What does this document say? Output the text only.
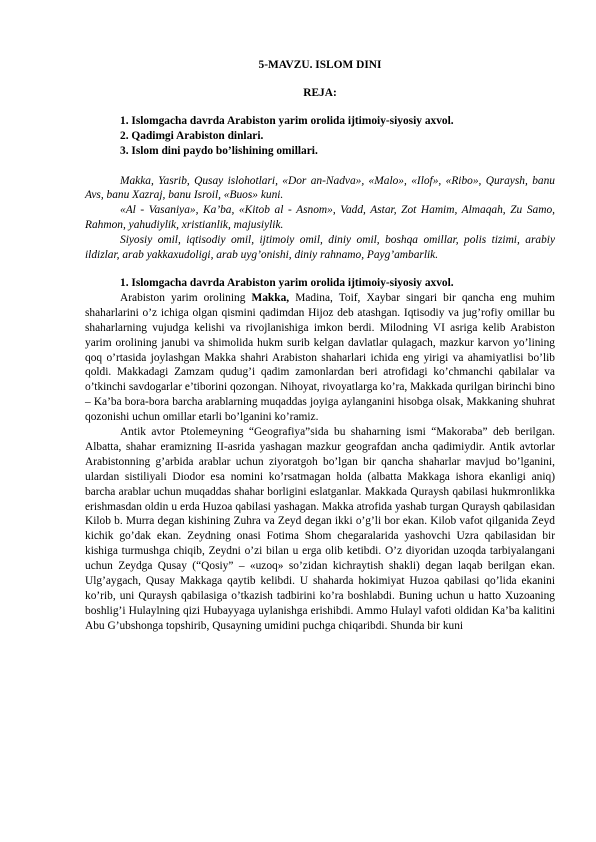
5-MAVZU. ISLOM DINI
REJA:
1. Islomgacha davrda Arabiston yarim orolida ijtimoiy-siyosiy axvol.
2. Qadimgi Arabiston dinlari.
3. Islom dini paydo bo’lishining omillari.

Makka, Yasrib, Qusay islohotlari, «Dor an-Nadva», «Malo», «Ilof», «Ribo», Quraysh, banu Avs, banu Xazraj, banu Isroil, «Buos» kuni.

«Al - Vasaniya», Ka’ba, «Kitob al - Asnom», Vadd, Astar, Zot Hamim, Almaqah, Zu Samo, Rahmon, yahudiylik, xristianlik, majusiylik.

Siyosiy omil, iqtisodiy omil, ijtimoiy omil, diniy omil, boshqa omillar, polis tizimi, arabiy ildizlar, arab yakkaxudoligi, arab uyg’onishi, diniy rahnamo, Payg’ambarlik.

1. Islomgacha davrda Arabiston yarim orolida ijtimoiy-siyosiy axvol.

Arabiston yarim orolining Makka, Madina, Toif, Xaybar singari bir qancha eng muhim shaharlarini o’z ichiga olgan qismini qadimdan Hijoz deb atashgan. Iqtisodiy va jug’rofiy omillar bu shaharlarning vujudga kelishi va rivojlanishiga imkon berdi. Milodning VI asriga kelib Arabiston yarim orolining janubi va shimolida hukm surib kelgan davlatlar qulagach, mazkur karvon yo’lining qoq o’rtasida joylashgan Makka shahri Arabiston shaharlari ichida eng yirigi va ahamiyatlisi bo’lib qoldi. Makkadagi Zamzam qudug’i qadim zamonlardan beri atrofidagi ko’chmanchi qabilalar va o’tkinchi savdogarlar e’tiborini qozongan. Nihoyat, rivoyatlarga ko’ra, Makkada qurilgan birinchi bino – Ka’ba bora-bora barcha arablarning muqaddas joyiga aylanganini hisobga olsak, Makkaning shuhrat qozonishi uchun omillar etarli bo’lganini ko’ramiz.

Antik avtor Ptolemeyning “Geografiya”sida bu shaharning ismi “Makoraba” deb berilgan. Albatta, shahar eramizning II-asrida yashagan mazkur geografdan ancha qadimiydir. Antik avtorlar Arabistonning g’arbida arablar uchun ziyoratgoh bo’lgan bir qancha shaharlar mavjud bo’lganini, ulardan sistiliyali Diodor esa nomini ko’rsatmagan holda (albatta Makkaga ishora ekanligi aniq) barcha arablar uchun muqaddas shahar borligini eslatganlar. Makkada Quraysh qabilasi hukmronlikka erishmasdan oldin u erda Huzoa qabilasi yashagan. Makka atrofida yashab turgan Quraysh qabilasidan Kilob b. Murra degan kishining Zuhra va Zeyd degan ikki o’g’li bor ekan. Kilob vafot qilganida Zeyd kichik go’dak ekan. Zeydning onasi Fotima Shom chegaralarida yashovchi Uzra qabilasidan bir kishiga turmushga chiqib, Zeydni o’zi bilan u erga olib ketibdi. O’z diyoridan uzoqda tarbiyalangani uchun Zeydga Qusay (“Qosiy” – «uzoq» so’zidan kichraytish shakli) degan laqab berilgan ekan. Ulg’aygach, Qusay Makkaga qaytib kelibdi. U shaharda hokimiyat Huzoa qabilasi qo’lida ekanini ko’rib, uni Quraysh qabilasiga o’tkazish tadbirini ko’ra boshlabdi. Buning uchun u hatto Xuzoaning boshlig’i Hulaylning qizi Hubayyaga uylanishga erishibdi. Ammo Hulayl vafoti oldidan Ka’ba kalitini Abu G’ubshonga topshirib, Qusayning umidini puchga chiqaribdi. Shunda bir kuni
